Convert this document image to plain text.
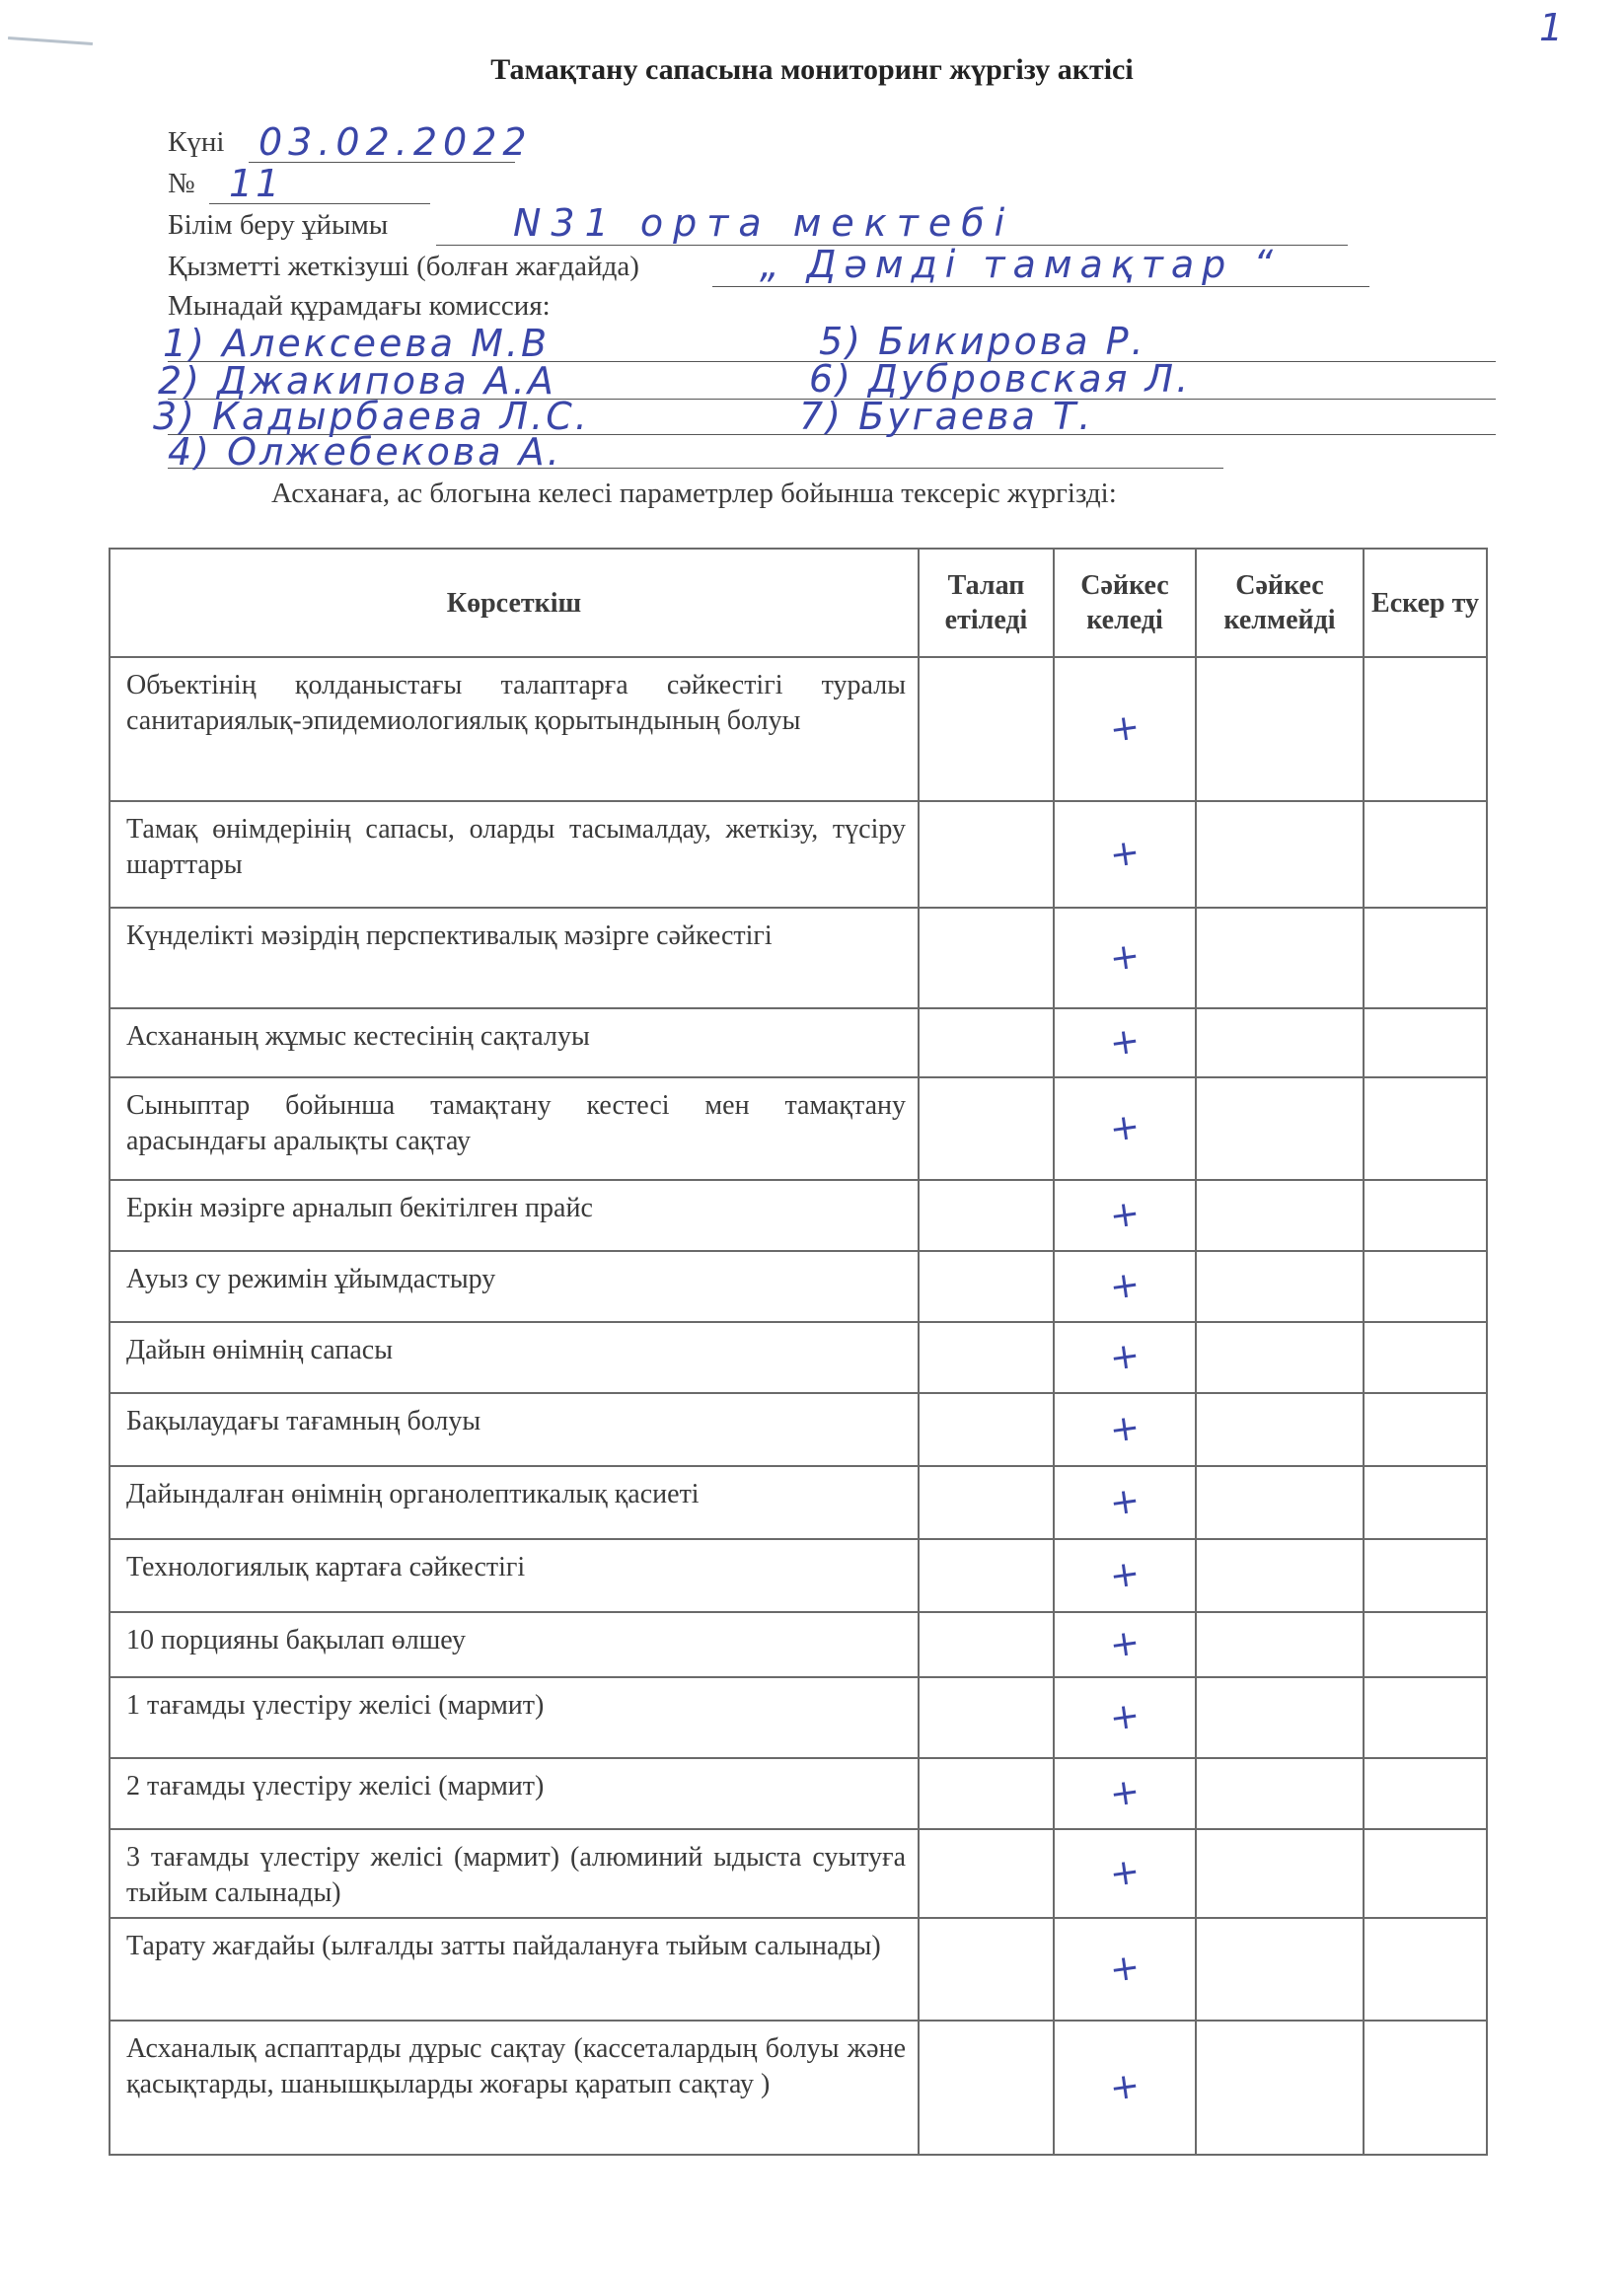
1
Тамақтану сапасына мониторинг жүргізу актісі
Күні 03.02.2022
№ 11
Білім беру ұйымы	N31 орта мектебі
Қызметті жеткізуші (болған жағдайда)	„ Дәмді тамақтар “
Мынадай құрамдағы комиссия:
1) Алексеева М.В
2) Джакипова А.А
3) Кадырбаева Л.С.
4) Олжебекова А.
5) Бикирова Р.
6) Дубровская Л.
7) Бугаева Т.
Асханаға, ас блогына келесі параметрлер бойынша тексеріс жүргізді:
Көрсеткіш	Талап етіледі	Сәйкес келеді	Сәйкес келмейді	Ескер ту
Объектінің қолданыстағы талаптарға сәйкестігі туралы санитариялық-эпидемиологиялық қорытындының болуы		+		
Тамақ өнімдерінің сапасы, оларды тасымалдау, жеткізу, түсіру шарттары		+		
Күнделікті мәзірдің перспективалық мәзірге сәйкестігі		+		
Асхананың жұмыс кестесінің сақталуы		+		
Сыныптар бойынша тамақтану кестесі мен тамақтану арасындағы аралықты сақтау		+		
Еркін мәзірге арналып бекітілген прайс		+		
Ауыз су режимін ұйымдастыру		+		
Дайын өнімнің сапасы		+		
Бақылаудағы тағамның болуы		+		
Дайындалған өнімнің органолептикалық қасиеті		+		
Технологиялық картаға сәйкестігі		+		
10 порцияны бақылап өлшеу		+		
1 тағамды үлестіру желісі (мармит)		+		
2 тағамды үлестіру желісі (мармит)		+		
3 тағамды үлестіру желісі (мармит) (алюминий ыдыста суытуға тыйым салынады)		+		
Тарату жағдайы (ылғалды затты пайдалануға тыйым салынады)		+		
Асханалық аспаптарды дұрыс сақтау (кассеталардың болуы және қасықтарды, шанышқыларды жоғары қаратып сақтау )		+		
